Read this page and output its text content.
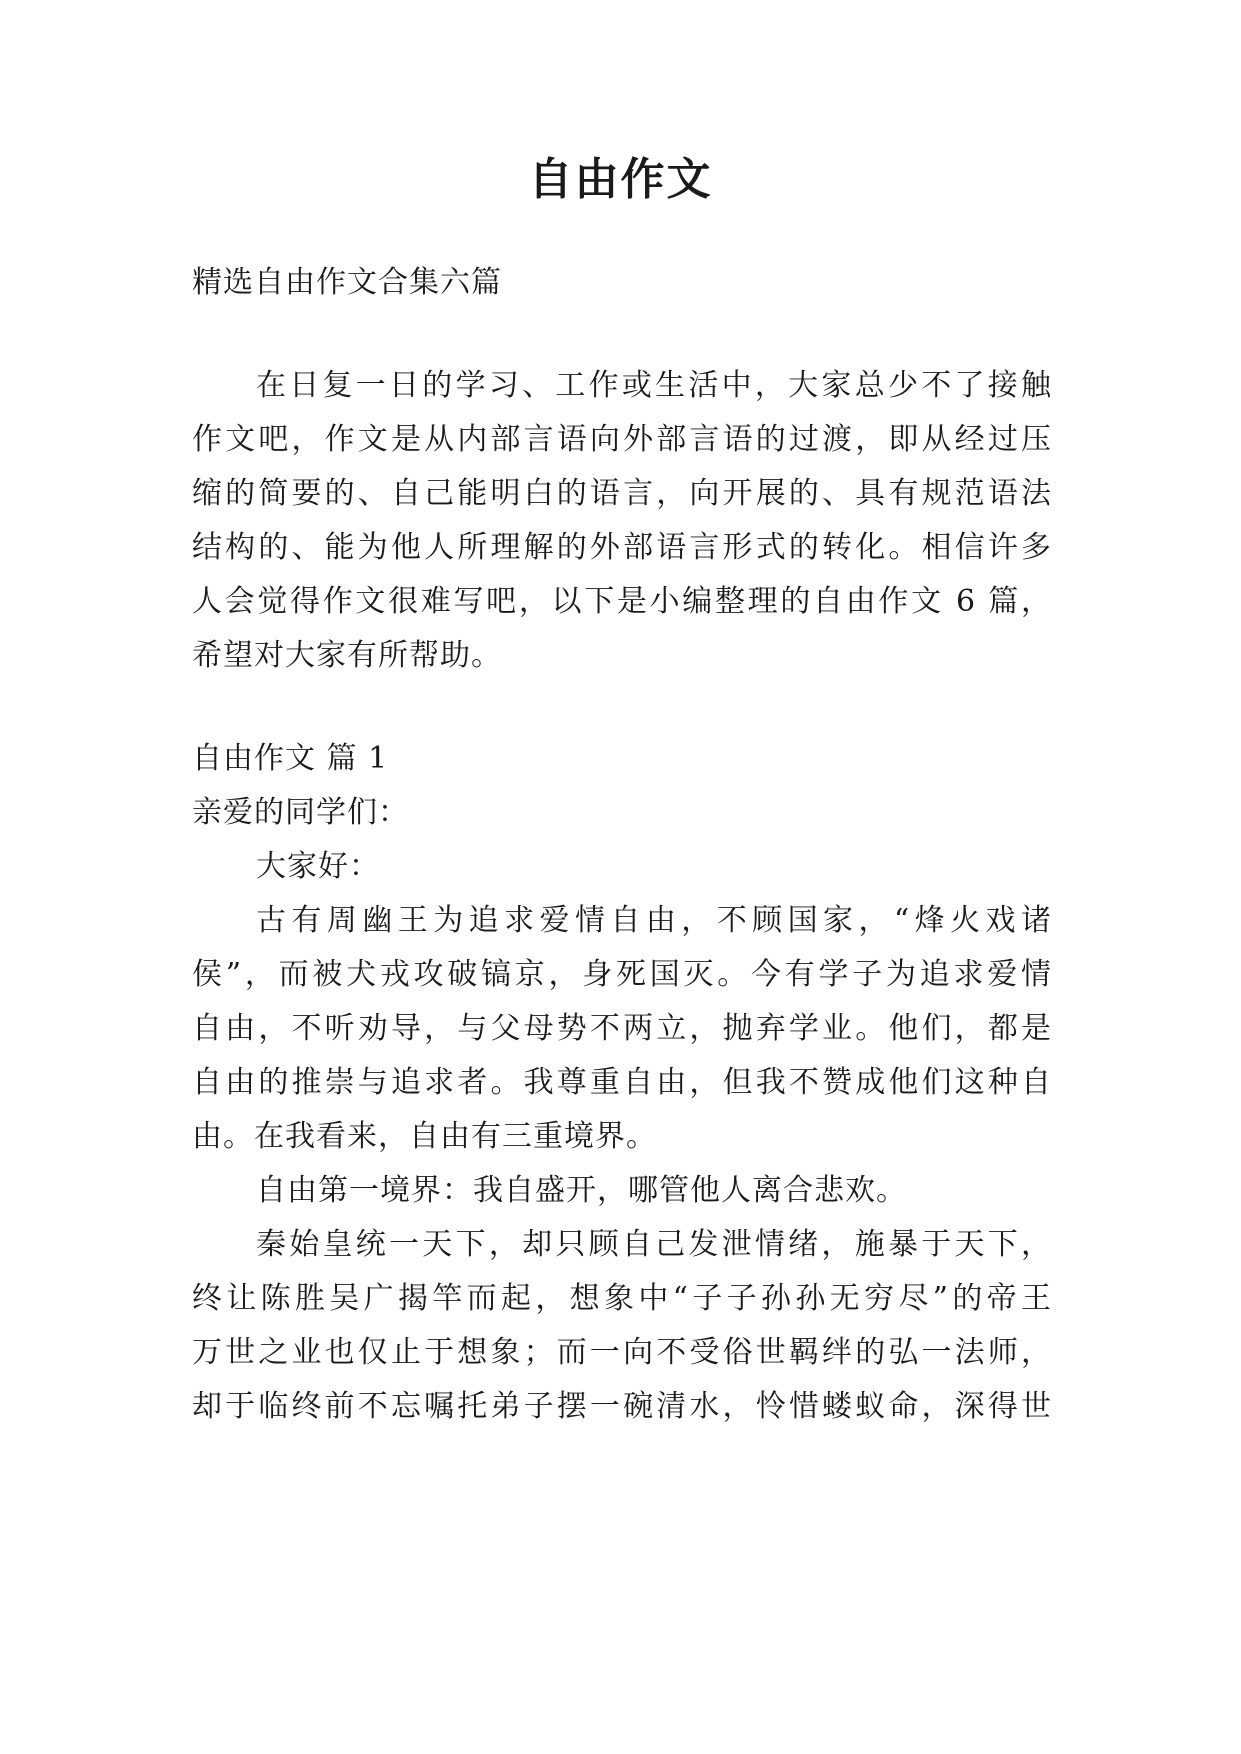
自由作文
精选自由作文合集六篇
在日复一日的学习、工作或生活中，大家总少不了接触
作文吧，作文是从内部言语向外部言语的过渡，即从经过压
缩的简要的、自己能明白的语言，向开展的、具有规范语法
结构的、能为他人所理解的外部语言形式的转化。相信许多
人会觉得作文很难写吧，以下是小编整理的自由作文 6 篇，
希望对大家有所帮助。
自由作文 篇 1
亲爱的同学们：
大家好：
古有周幽王为追求爱情自由，不顾国家，“烽火戏诸
侯”，而被犬戎攻破镐京，身死国灭。今有学子为追求爱情
自由，不听劝导，与父母势不两立，抛弃学业。他们，都是
自由的推崇与追求者。我尊重自由，但我不赞成他们这种自
由。在我看来，自由有三重境界。
自由第一境界：我自盛开，哪管他人离合悲欢。
秦始皇统一天下，却只顾自己发泄情绪，施暴于天下，
终让陈胜吴广揭竿而起，想象中“子子孙孙无穷尽”的帝王
万世之业也仅止于想象；而一向不受俗世羁绊的弘一法师，
却于临终前不忘嘱托弟子摆一碗清水，怜惜蝼蚁命，深得世
